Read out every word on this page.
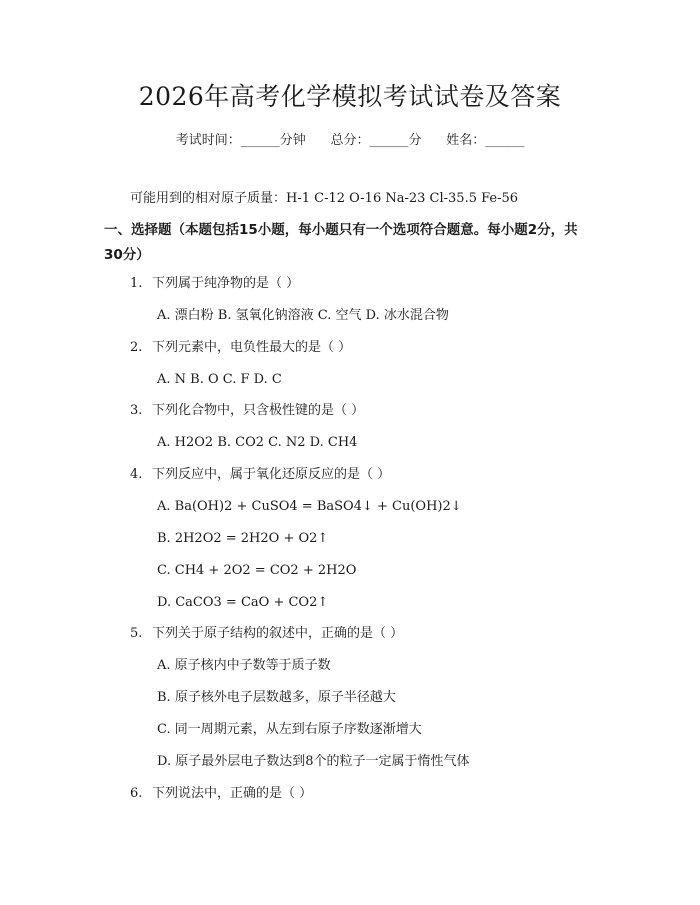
2026年高考化学模拟考试试卷及答案
考试时间：______分钟      总分：______分      姓名：______
可能用到的相对原子质量：H-1 C-12 O-16 Na-23 Cl-35.5 Fe-56
一、选择题（本题包括15小题，每小题只有一个选项符合题意。每小题2分，共
30分）
1. 下列属于纯净物的是（ ）
A. 漂白粉 B. 氢氧化钠溶液 C. 空气 D. 冰水混合物
2. 下列元素中，电负性最大的是（ ）
A. N B. O C. F D. C
3. 下列化合物中，只含极性键的是（ ）
A. H2O2 B. CO2 C. N2 D. CH4
4. 下列反应中，属于氧化还原反应的是（ ）
A. Ba(OH)2 + CuSO4 = BaSO4↓ + Cu(OH)2↓
B. 2H2O2 = 2H2O + O2↑
C. CH4 + 2O2 = CO2 + 2H2O
D. CaCO3 = CaO + CO2↑
5. 下列关于原子结构的叙述中，正确的是（ ）
A. 原子核内中子数等于质子数
B. 原子核外电子层数越多，原子半径越大
C. 同一周期元素，从左到右原子序数逐渐增大
D. 原子最外层电子数达到8个的粒子一定属于惰性气体
6. 下列说法中，正确的是（ ）
